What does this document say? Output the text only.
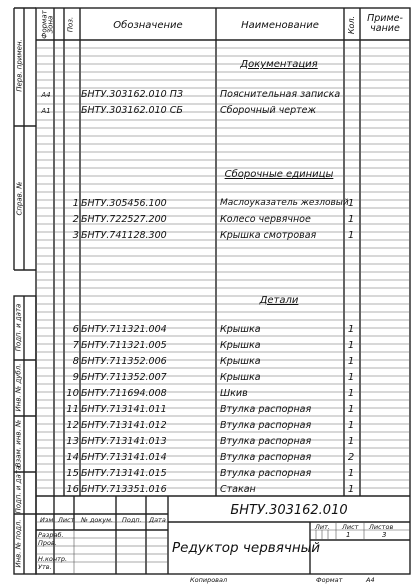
Формат
Зона Поз.	Обозначение	Наименование	Кол.	Приме-чание
Документация
Сборочные единицы
Детали
A4	БНТУ.303162.010 ПЗ	Пояснительная записка
A1	БНТУ.303162.010 СБ	Сборочный чертеж
1 БНТУ.305456.100	Маслоуказатель жезловый 1
2 БНТУ.722527.200	Колесо червячное	1
3 БНТУ.741128.300	Крышка смотровая	1
6 БНТУ.711321.004	Крышка	1
7 БНТУ.711321.005	Крышка	1
8 БНТУ.711352.006	Крышка	1
9 БНТУ.711352.007	Крышка	1
10 БНТУ.711694.008	Шкив	1
11 БНТУ.713141.011	Втулка распорная	1
12 БНТУ.713141.012	Втулка распорная	1
13 БНТУ.713141.013	Втулка распорная	1
14 БНТУ.713141.014	Втулка распорная	2
15 БНТУ.713141.015	Втулка распорная	1
16 БНТУ.713351.016	Стакан	1
Перв. примен.
Справ. №
Подп. и дата
Инв. № дубл.
Взам. инв. №
Подп. и дата
Инв. № подл.
БНТУ.303162.010
Редуктор червячный
Изм. Лист № докум. Подп. Дата
Разраб.
Пров.
Н.контр.
Утв.
Лит. Лист Листов
1	3
Копировал	Формат	A4
